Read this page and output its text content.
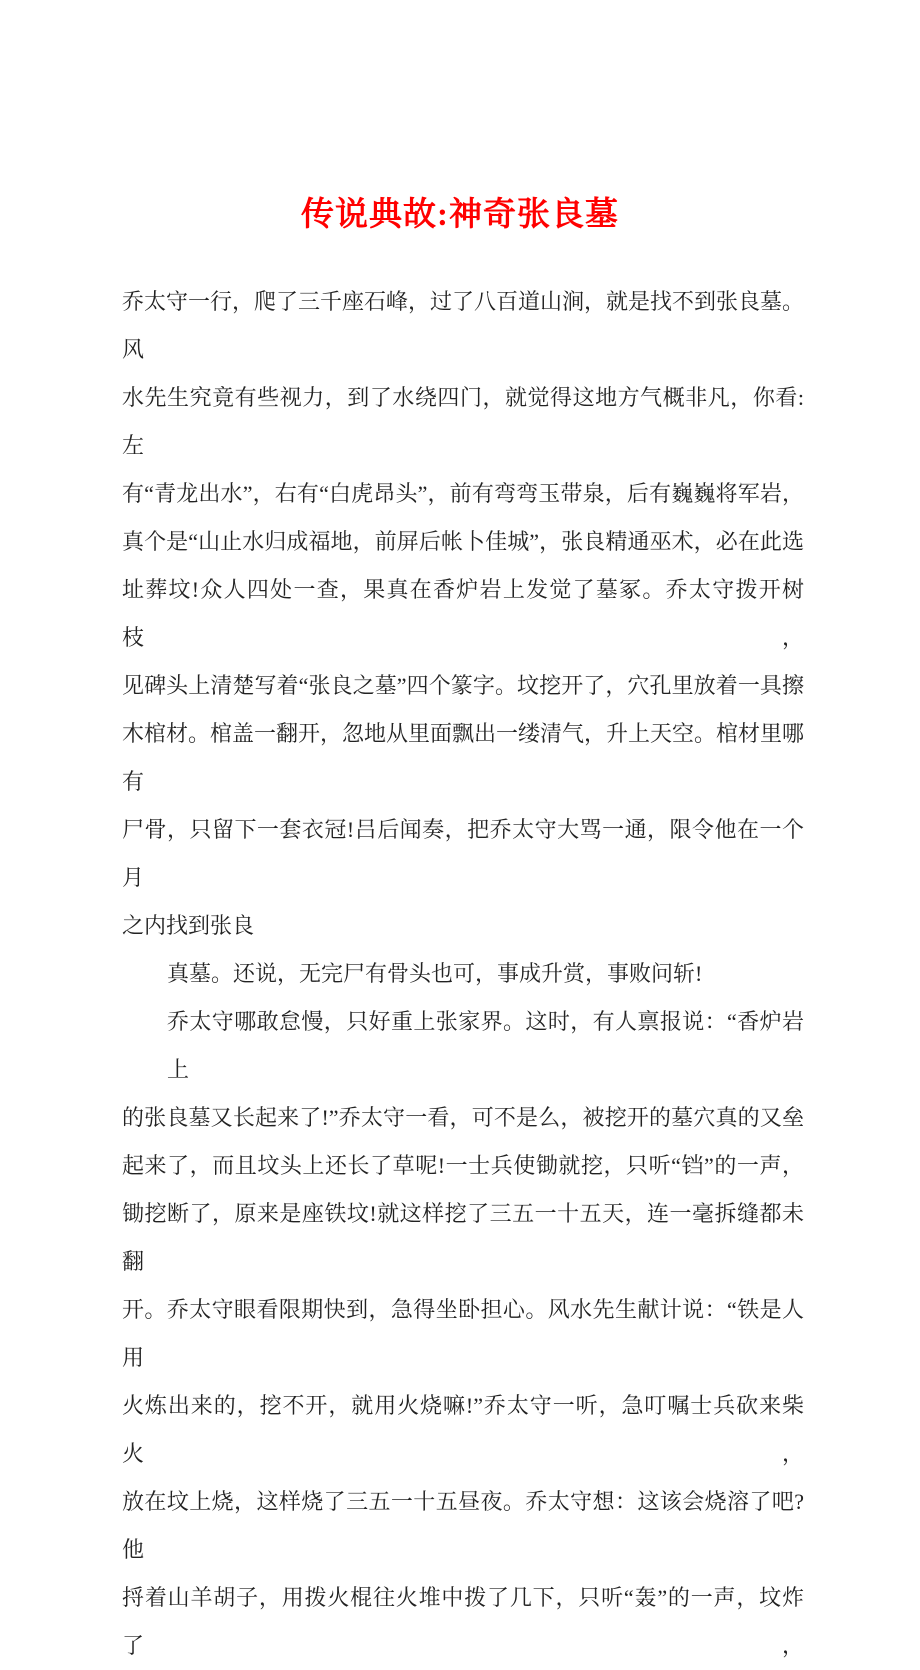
传说典故:神奇张良墓
乔太守一行，爬了三千座石峰，过了八百道山涧，就是找不到张良墓。风
水先生究竟有些视力，到了水绕四门，就觉得这地方气概非凡，你看: 左
有“青龙出水”，右有“白虎昂头”，前有弯弯玉带泉，后有巍巍将军岩，
真个是“山止水归成福地，前屏后帐卜佳城”，张良精通巫术，必在此选
址葬坟!众人四处一查，果真在香炉岩上发觉了墓冢。乔太守拨开树枝，
见碑头上清楚写着“张良之墓”四个篆字。坟挖开了，穴孔里放着一具擦
木棺材。棺盖一翻开，忽地从里面飘出一缕清气，升上天空。棺材里哪有
尸骨，只留下一套衣冠!吕后闻奏，把乔太守大骂一通，限令他在一个月
之内找到张良
真墓。还说，无完尸有骨头也可，事成升赏，事败问斩!
乔太守哪敢怠慢，只好重上张家界。这时，有人禀报说：“香炉岩上
的张良墓又长起来了!”乔太守一看，可不是么，被挖开的墓穴真的又垒
起来了，而且坟头上还长了草呢!一士兵使锄就挖，只听“铛”的一声，
锄挖断了，原来是座铁坟!就这样挖了三五一十五天，连一毫拆缝都未翻
开。乔太守眼看限期快到，急得坐卧担心。风水先生献计说：“铁是人用
火炼出来的，挖不开，就用火烧嘛!”乔太守一听，急叮嘱士兵砍来柴火，
放在坟上烧，这样烧了三五一十五昼夜。乔太守想：这该会烧溶了吧?他
捋着山羊胡子，用拨火棍往火堆中拨了几下，只听“轰”的一声，坟炸了，
